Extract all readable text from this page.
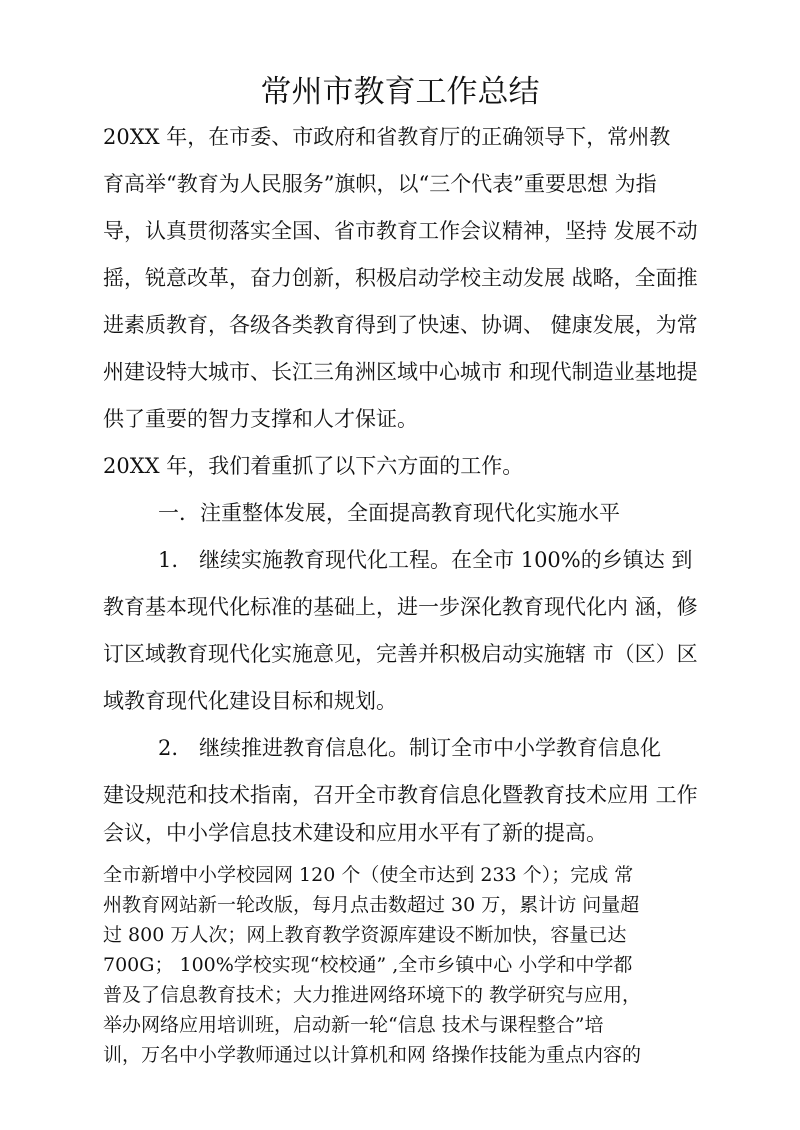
常州市教育工作总结
20XX 年，在市委、市政府和省教育厅的正确领导下，常州教
育高举“教育为人民服务”旗帜，以“三个代表”重要思想 为指
导，认真贯彻落实全国、省市教育工作会议精神，坚持 发展不动
摇，锐意改革，奋力创新，积极启动学校主动发展 战略，全面推
进素质教育，各级各类教育得到了快速、协调、 健康发展，为常
州建设特大城市、长江三角洲区域中心城市 和现代制造业基地提
供了重要的智力支撑和人才保证。
20XX 年，我们着重抓了以下六方面的工作。
一．注重整体发展，全面提高教育现代化实施水平
1.　继续实施教育现代化工程。在全市 100%的乡镇达 到
教育基本现代化标准的基础上，进一步深化教育现代化内 涵，修
订区域教育现代化实施意见，完善并积极启动实施辖 市（区）区
域教育现代化建设目标和规划。
2.　继续推进教育信息化。制订全市中小学教育信息化
建设规范和技术指南，召开全市教育信息化暨教育技术应用 工作
会议，中小学信息技术建设和应用水平有了新的提高。
全市新增中小学校园网 120 个（使全市达到 233 个）；完成 常
州教育网站新一轮改版，每月点击数超过 30 万，累计访 问量超
过 800 万人次；网上教育教学资源库建设不断加快，容量已达
700G； 100%学校实现“校校通” ,全市乡镇中心 小学和中学都
普及了信息教育技术；大力推进网络环境下的 教学研究与应用，
举办网络应用培训班，启动新一轮“信息 技术与课程整合”培
训，万名中小学教师通过以计算机和网 络操作技能为重点内容的
